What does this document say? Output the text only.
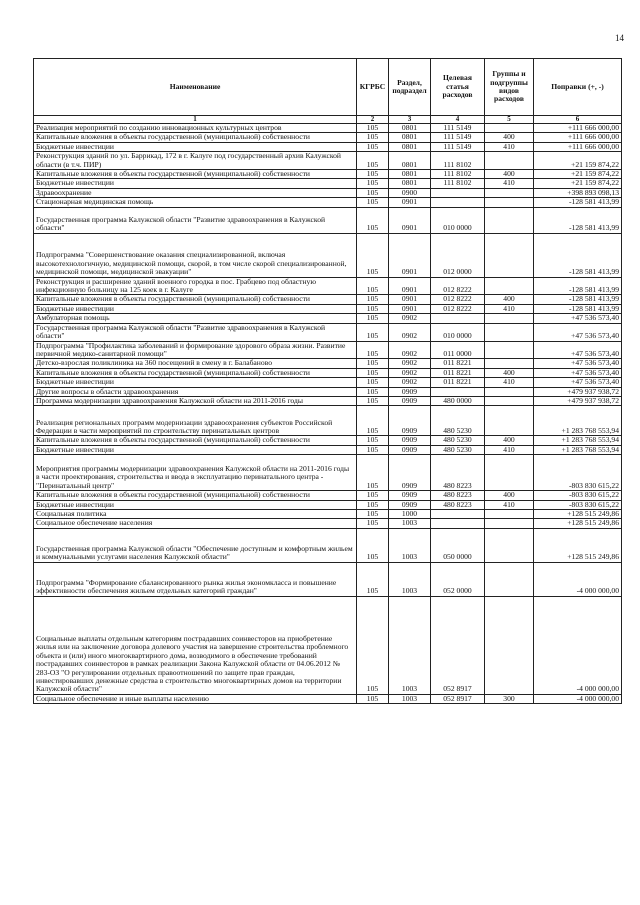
14
Наименование	КГРБС	Раздел, подраздел	Целевая статья расходов	Группы и подгруппы видов расходов	Поправки (+, -)
1	2	3	4	5	6
Реализация мероприятий по созданию инновационных культурных центров	105	0801	111 5149		+111 666 000,00
Капитальные вложения в объекты государственной (муниципальной) собственности	105	0801	111 5149	400	+111 666 000,00
Бюджетные инвестиции	105	0801	111 5149	410	+111 666 000,00
Реконструкция зданий по ул. Баррикад, 172 в г. Калуге под государственный архив Калужской области (в т.ч. ПИР)	105	0801	111 8102		+21 159 874,22
Капитальные вложения в объекты государственной (муниципальной) собственности	105	0801	111 8102	400	+21 159 874,22
Бюджетные инвестиции	105	0801	111 8102	410	+21 159 874,22
Здравоохранение	105	0900			+398 893 098,13
Стационарная медицинская помощь	105	0901			-128 581 413,99
Государственная программа Калужской области "Развитие здравоохранения в Калужской области"	105	0901	010 0000		-128 581 413,99
Подпрограмма "Совершенствование оказания специализированной, включая высокотехнологичную, медицинской помощи, скорой, в том числе скорой специализированной, медицинской помощи, медицинской эвакуации"	105	0901	012 0000		-128 581 413,99
Реконструкция и расширение зданий военного городка в пос. Грабцево под областную инфекционную больницу на 125 коек в г. Калуге	105	0901	012 8222		-128 581 413,99
Капитальные вложения в объекты государственной (муниципальной) собственности	105	0901	012 8222	400	-128 581 413,99
Бюджетные инвестиции	105	0901	012 8222	410	-128 581 413,99
Амбулаторная помощь	105	0902			+47 536 573,40
Государственная программа Калужской области "Развитие здравоохранения в Калужской области"	105	0902	010 0000		+47 536 573,40
Подпрограмма "Профилактика заболеваний и формирование здорового образа жизни. Развитие первичной медико-санитарной помощи"	105	0902	011 0000		+47 536 573,40
Детско-взрослая поликлиника на 360 посещений в смену в г. Балабаново	105	0902	011 8221		+47 536 573,40
Капитальные вложения в объекты государственной (муниципальной) собственности	105	0902	011 8221	400	+47 536 573,40
Бюджетные инвестиции	105	0902	011 8221	410	+47 536 573,40
Другие вопросы в области здравоохранения	105	0909			+479 937 938,72
Программа модернизации здравоохранения Калужской области на 2011-2016 годы	105	0909	480 0000		+479 937 938,72
Реализация региональных программ модернизации здравоохранения субъектов Российской Федерации в части мероприятий по строительству перинатальных центров	105	0909	480 5230		+1 283 768 553,94
Капитальные вложения в объекты государственной (муниципальной) собственности	105	0909	480 5230	400	+1 283 768 553,94
Бюджетные инвестиции	105	0909	480 5230	410	+1 283 768 553,94
Мероприятия программы модернизации здравоохранения Калужской области на 2011-2016 годы в части проектирования, строительства и ввода в эксплуатацию перинатального центра - "Перинатальный центр"	105	0909	480 8223		-803 830 615,22
Капитальные вложения в объекты государственной (муниципальной) собственности	105	0909	480 8223	400	-803 830 615,22
Бюджетные инвестиции	105	0909	480 8223	410	-803 830 615,22
Социальная политика	105	1000			+128 515 249,86
Социальное обеспечение населения	105	1003			+128 515 249,86
Государственная программа Калужской области "Обеспечение доступным и комфортным жильем и коммунальными услугами населения Калужской области"	105	1003	050 0000		+128 515 249,86
Подпрограмма "Формирование сбалансированного рынка жилья экономкласса и повышение эффективности обеспечения жильем отдельных категорий граждан"	105	1003	052 0000		-4 000 000,00
Социальные выплаты отдельным категориям пострадавших соинвесторов на приобретение жилья или на заключение договора долевого участия на завершение строительства проблемного объекта и (или) иного многоквартирного дома, возводимого в обеспечение требований пострадавших соинвесторов в рамках реализации Закона Калужской области от 04.06.2012 № 283-ОЗ "О регулировании отдельных правоотношений по защите прав граждан, инвестировавших денежные средства в строительство многоквартирных домов на территории Калужской области"	105	1003	052 8917		-4 000 000,00
Социальное обеспечение и иные выплаты населению	105	1003	052 8917	300	-4 000 000,00
